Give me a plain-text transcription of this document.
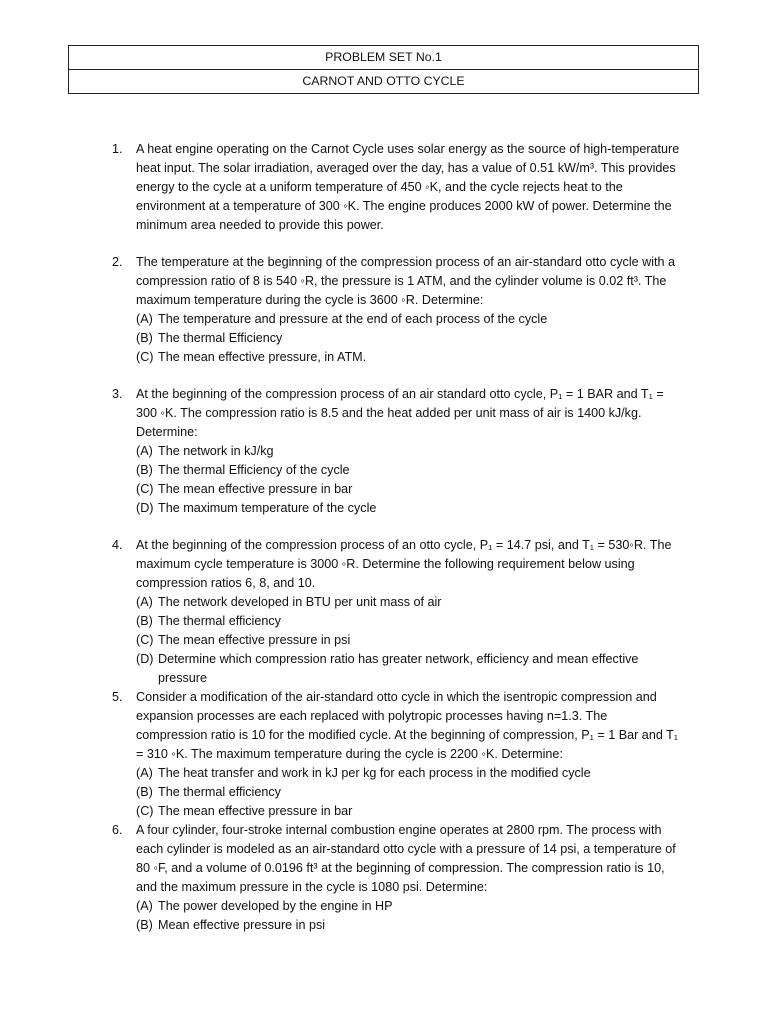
PROBLEM SET No.1
CARNOT AND OTTO CYCLE
1. A heat engine operating on the Carnot Cycle uses solar energy as the source of high-temperature heat input. The solar irradiation, averaged over the day, has a value of 0.51 kW/m³. This provides energy to the cycle at a uniform temperature of 450 ◦K, and the cycle rejects heat to the environment at a temperature of 300 ◦K. The engine produces 2000 kW of power. Determine the minimum area needed to provide this power.
2. The temperature at the beginning of the compression process of an air-standard otto cycle with a compression ratio of 8 is 540 ◦R, the pressure is 1 ATM, and the cylinder volume is 0.02 ft³. The maximum temperature during the cycle is 3600 ◦R. Determine:
(A) The temperature and pressure at the end of each process of the cycle
(B) The thermal Efficiency
(C) The mean effective pressure, in ATM.
3. At the beginning of the compression process of an air standard otto cycle, P₁ = 1 BAR and T₁ = 300 ◦K. The compression ratio is 8.5 and the heat added per unit mass of air is 1400 kJ/kg. Determine:
(A) The network in kJ/kg
(B) The thermal Efficiency of the cycle
(C) The mean effective pressure in bar
(D) The maximum temperature of the cycle
4. At the beginning of the compression process of an otto cycle, P₁ = 14.7 psi, and T₁ = 530◦R. The maximum cycle temperature is 3000 ◦R. Determine the following requirement below using compression ratios 6, 8, and 10.
(A) The network developed in BTU per unit mass of air
(B) The thermal efficiency
(C) The mean effective pressure in psi
(D) Determine which compression ratio has greater network, efficiency and mean effective pressure
5. Consider a modification of the air-standard otto cycle in which the isentropic compression and expansion processes are each replaced with polytropic processes having n=1.3. The compression ratio is 10 for the modified cycle. At the beginning of compression, P₁ = 1 Bar and T₁ = 310 ◦K. The maximum temperature during the cycle is 2200 ◦K. Determine:
(A) The heat transfer and work in kJ per kg for each process in the modified cycle
(B) The thermal efficiency
(C) The mean effective pressure in bar
6. A four cylinder, four-stroke internal combustion engine operates at 2800 rpm. The process with each cylinder is modeled as an air-standard otto cycle with a pressure of 14 psi, a temperature of 80 ◦F, and a volume of 0.0196 ft³ at the beginning of compression. The compression ratio is 10, and the maximum pressure in the cycle is 1080 psi. Determine:
(A) The power developed by the engine in HP
(B) Mean effective pressure in psi
